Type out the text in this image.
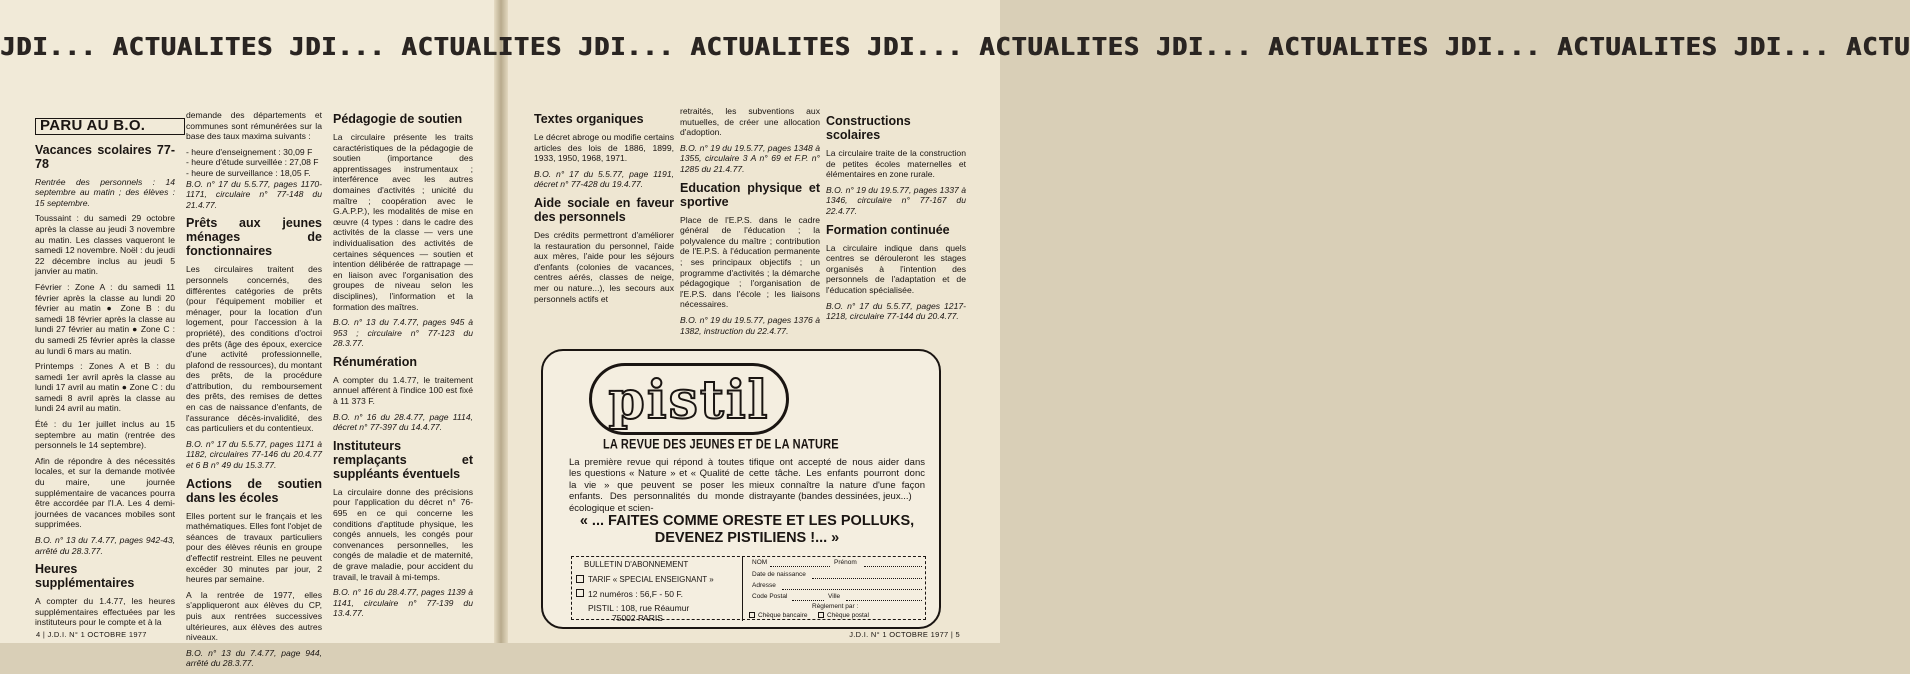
JDI... ACTUALITES JDI... ACTUALITES JDI... ACTUALITES JDI... ACTUALITES JDI... ACTUALITES JDI... ACTUALITES JDI... ACTU
PARU AU B.O.
Vacances scolaires 77-78

Rentrée des personnels : 14 septembre au matin ; des élèves : 15 septembre.

Toussaint : du samedi 29 octobre après la classe au jeudi 3 novembre au matin. Les classes vaqueront le samedi 12 novembre. Noël : du jeudi 22 décembre inclus au jeudi 5 janvier au matin.

Février : Zone A : du samedi 11 février après la classe au lundi 20 février au matin ● Zone B : du samedi 18 février après la classe au lundi 27 février au matin ● Zone C : du samedi 25 février après la classe au lundi 6 mars au matin.

Printemps : Zones A et B : du samedi 1er avril après la classe au lundi 17 avril au matin ● Zone C : du samedi 8 avril après la classe au lundi 24 avril au matin.

Été : du 1er juillet inclus au 15 septembre au matin (rentrée des personnels le 14 septembre).

Afin de répondre à des nécessités locales, et sur la demande motivée du maire, une journée supplémentaire de vacances pourra être accordée par l'I.A. Les 4 demi-journées de vacances mobiles sont supprimées.

B.O. n° 13 du 7.4.77, pages 942-43, arrêté du 28.3.77.

Heures supplémentaires

A compter du 1.4.77, les heures supplémentaires effectuées par les instituteurs pour le compte et à la

demande des départements et communes sont rémunérées sur la base des taux maxima suivants :

- heure d'enseignement : 30,09 F
- heure d'étude surveillée : 27,08 F
- heure de surveillance : 18,05 F.

B.O. n° 17 du 5.5.77, pages 1170-1171, circulaire n° 77-148 du 21.4.77.

Prêts aux jeunes ménages de fonctionnaires

Les circulaires traitent des personnels concernés, des différentes catégories de prêts (pour l'équipement mobilier et ménager, pour la location d'un logement, pour l'accession à la propriété), des conditions d'octroi des prêts (âge des époux, exercice d'une activité professionnelle, plafond de ressources), du montant des prêts, de la procédure d'attribution, du remboursement des prêts, des remises de dettes en cas de naissance d'enfants, de l'assurance décès-invalidité, des cas particuliers et du contentieux.

B.O. n° 17 du 5.5.77, pages 1171 à 1182, circulaires 77-146 du 20.4.77 et 6 B n° 49 du 15.3.77.

Actions de soutien dans les écoles

Elles portent sur le français et les mathématiques. Elles font l'objet de séances de travaux particuliers pour des élèves réunis en groupe d'effectif restreint. Elles ne peuvent excéder 30 minutes par jour, 2 heures par semaine.

A la rentrée de 1977, elles s'appliqueront aux élèves du CP, puis aux rentrées successives ultérieures, aux élèves des autres niveaux.

B.O. n° 13 du 7.4.77, page 944, arrêté du 28.3.77.

Pédagogie de soutien

La circulaire présente les traits caractéristiques de la pédagogie de soutien (importance des apprentissages instrumentaux ; interférence avec les autres domaines d'activités ; unicité du maître ; coopération avec le G.A.P.P.), les modalités de mise en œuvre (4 types : dans le cadre des activités de la classe — vers une individualisation des activités de certaines séquences — soutien et intention délibérée de rattrapage — en liaison avec l'organisation des groupes de niveau selon les disciplines), l'information et la formation des maîtres.

B.O. n° 13 du 7.4.77, pages 945 à 953 ; circulaire n° 77-123 du 28.3.77.

Rénumération

A compter du 1.4.77, le traitement annuel afférent à l'indice 100 est fixé à 11 373 F.

B.O. n° 16 du 28.4.77, page 1114, décret n° 77-397 du 14.4.77.

Instituteurs remplaçants et suppléants éventuels

La circulaire donne des précisions pour l'application du décret n° 76-695 en ce qui concerne les conditions d'aptitude physique, les congés annuels, les congés pour convenances personnelles, les congés de maladie et de maternité, de grave maladie, pour accident du travail, le travail à mi-temps.

B.O. n° 16 du 28.4.77, pages 1139 à 1141, circulaire n° 77-139 du 13.4.77.

4 | J.D.I. N° 1 OCTOBRE 1977
Textes organiques

Le décret abroge ou modifie certains articles des lois de 1886, 1899, 1933, 1950, 1968, 1971.

B.O. n° 17 du 5.5.77, page 1191, décret n° 77-428 du 19.4.77.

Aide sociale en faveur des personnels

Des crédits permettront d'améliorer la restauration du personnel, l'aide aux mères, l'aide pour les séjours d'enfants (colonies de vacances, centres aérés, classes de neige, mer ou nature...), les secours aux personnels actifs et

retraités, les subventions aux mutuelles, de créer une allocation d'adoption.

B.O. n° 19 du 19.5.77, pages 1348 à 1355, circulaire 3 A n° 69 et F.P. n° 1285 du 21.4.77.

Education physique et sportive

Place de l'E.P.S. dans le cadre général de l'éducation ; la polyvalence du maître ; contribution de l'E.P.S. à l'éducation permanente ; ses principaux objectifs ; un programme d'activités ; la démarche pédagogique ; l'organisation de l'E.P.S. dans l'école ; les liaisons nécessaires.

B.O. n° 19 du 19.5.77, pages 1376 à 1382, instruction du 22.4.77.

Constructions scolaires

La circulaire traite de la construction de petites écoles maternelles et élémentaires en zone rurale.

B.O. n° 19 du 19.5.77, pages 1337 à 1346, circulaire n° 77-167 du 22.4.77.

Formation continuée

La circulaire indique dans quels centres se dérouleront les stages organisés à l'intention des personnels de l'adaptation et de l'éducation spécialisée.

B.O. n° 17 du 5.5.77, pages 1217-1218, circulaire 77-144 du 20.4.77.

pistil
LA REVUE DES JEUNES ET DE LA NATURE
La première revue qui répond à toutes les questions « Nature » et « Qualité de la vie » que peuvent se poser les enfants. Des personnalités du monde écologique et scien-
tifique ont accepté de nous aider dans cette tâche. Les enfants pourront donc mieux connaître la nature d'une façon distrayante (bandes dessinées, jeux...)
« ... FAITES COMME ORESTE ET LES POLLUKS, DEVENEZ PISTILIENS !... »
BULLETIN D'ABONNEMENT
TARIF « SPECIAL ENSEIGNANT »
12 numéros : 56,F - 50 F.
PISTIL : 108, rue Réaumur
75002 PARIS
NOM	Prénom
Date de naissance
Adresse
Code Postal	Ville
Règlement par :
Chèque bancaire	Chèque postal
J.D.I. N° 1 OCTOBRE 1977 | 5
